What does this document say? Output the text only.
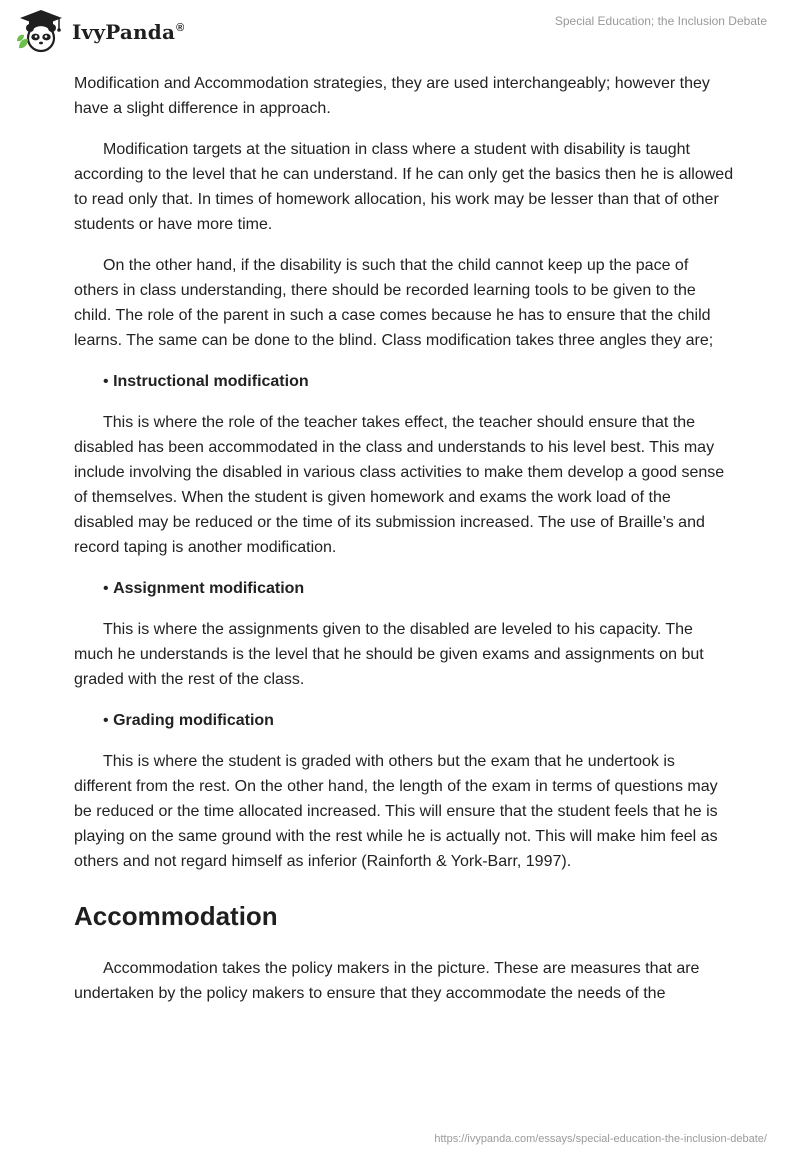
IvyPanda®
Special Education; the Inclusion Debate

Modification and Accommodation strategies, they are used interchangeably; however they have a slight difference in approach.

Modification targets at the situation in class where a student with disability is taught according to the level that he can understand. If he can only get the basics then he is allowed to read only that. In times of homework allocation, his work may be lesser than that of other students or have more time.

On the other hand, if the disability is such that the child cannot keep up the pace of others in class understanding, there should be recorded learning tools to be given to the child. The role of the parent in such a case comes because he has to ensure that the child learns. The same can be done to the blind. Class modification takes three angles they are;

• Instructional modification

This is where the role of the teacher takes effect, the teacher should ensure that the disabled has been accommodated in the class and understands to his level best. This may include involving the disabled in various class activities to make them develop a good sense of themselves. When the student is given homework and exams the work load of the disabled may be reduced or the time of its submission increased. The use of Braille’s and record taping is another modification.

• Assignment modification

This is where the assignments given to the disabled are leveled to his capacity. The much he understands is the level that he should be given exams and assignments on but graded with the rest of the class.

• Grading modification

This is where the student is graded with others but the exam that he undertook is different from the rest. On the other hand, the length of the exam in terms of questions may be reduced or the time allocated increased. This will ensure that the student feels that he is playing on the same ground with the rest while he is actually not. This will make him feel as others and not regard himself as inferior (Rainforth & York-Barr, 1997).

Accommodation

Accommodation takes the policy makers in the picture. These are measures that are undertaken by the policy makers to ensure that they accommodate the needs of the

https://ivypanda.com/essays/special-education-the-inclusion-debate/
